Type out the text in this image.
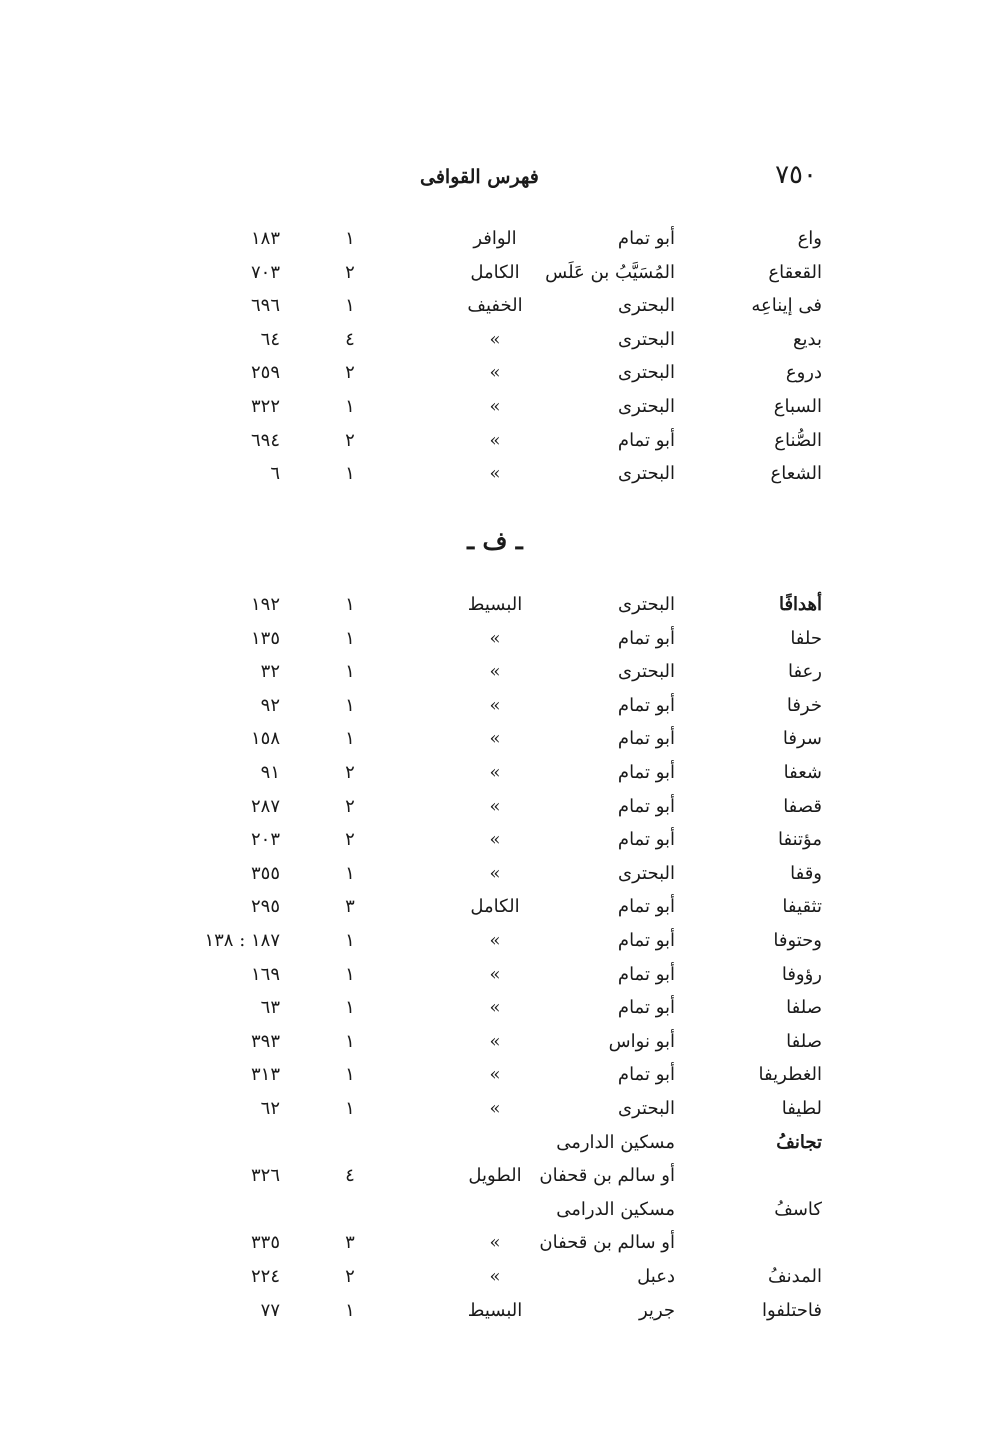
٧٥٠
فهرس القوافى
واع
أبو تمام
الوافر
١
١٨٣
القعقاع
المُسَيَّبُ بن عَلَس
الكامل
٢
٧٠٣
فى إيناعِه
البحترى
الخفيف
١
٦٩٦
بديع
البحترى
»
٤
٦٤
دروع
البحترى
»
٢
٢٥٩
السباع
البحترى
»
١
٣٢٢
الصُّناع
أبو تمام
»
٢
٦٩٤
الشعاع
البحترى
»
١
٦
ـ ف ـ
أهدافًا
البحترى
البسيط
١
١٩٢
حلفا
أبو تمام
»
١
١٣٥
رعفا
البحترى
»
١
٣٢
خرفا
أبو تمام
»
١
٩٢
سرفا
أبو تمام
»
١
١٥٨
شعفا
أبو تمام
»
٢
٩١
قصفا
أبو تمام
»
٢
٢٨٧
مؤتنفا
أبو تمام
»
٢
٢٠٣
وقفا
البحترى
»
١
٣٥٥
تثقيفا
أبو تمام
الكامل
٣
٢٩٥
وحتوفا
أبو تمام
»
١
١٨٧ : ١٣٨
رؤوفا
أبو تمام
»
١
١٦٩
صلفا
أبو تمام
»
١
٦٣
صلفا
أبو نواس
»
١
٣٩٣
الغطريفا
أبو تمام
»
١
٣١٣
لطيفا
البحترى
»
١
٦٢
تجانفُ
مسكين الدارمى
أو سالم بن قحفان
الطويل
٤
٣٢٦
كاسفُ
مسكين الدرامى
أو سالم بن قحفان
»
٣
٣٣٥
المدنفُ
دعبل
»
٢
٢٢٤
فاحتلفوا
جرير
البسيط
١
٧٧
